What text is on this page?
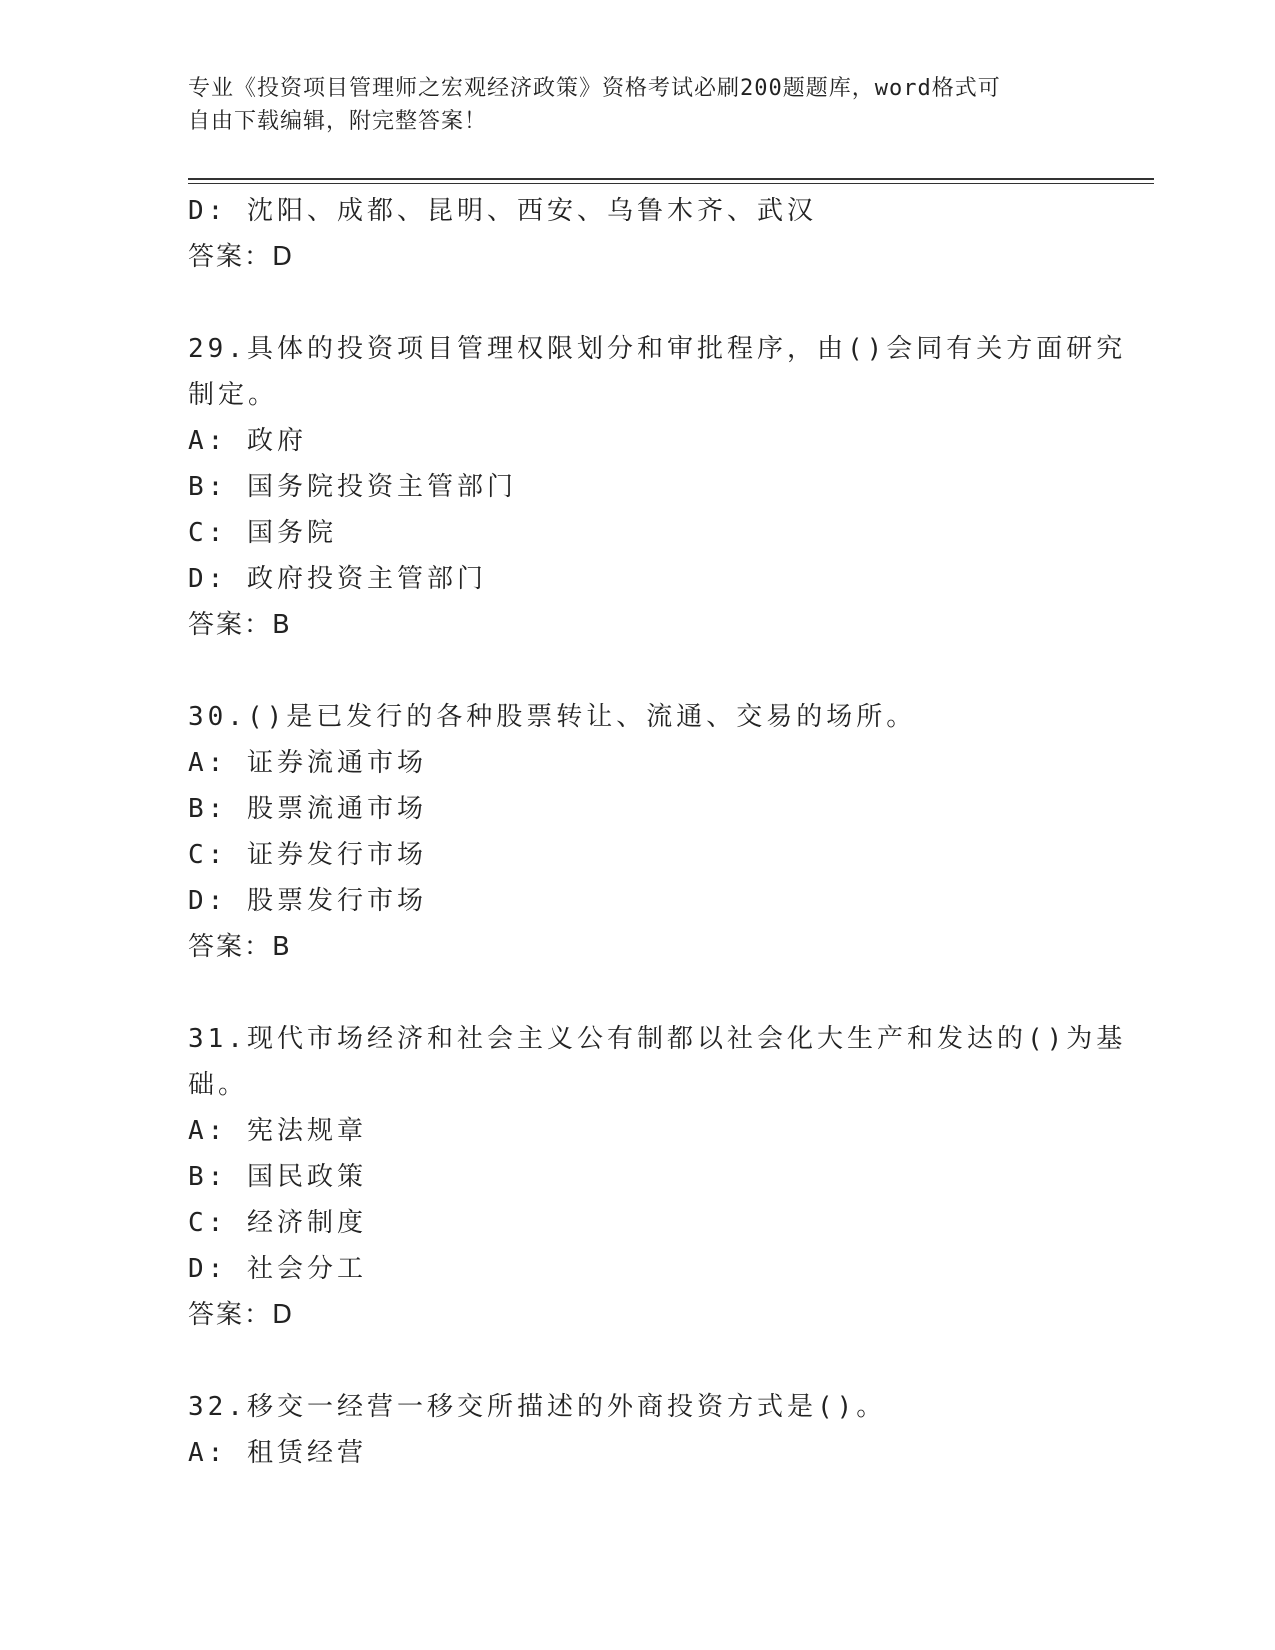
专业《投资项目管理师之宏观经济政策》资格考试必刷200题题库，word格式可
自由下载编辑，附完整答案！
D: 沈阳、成都、昆明、西安、乌鲁木齐、武汉
答案：D
29.具体的投资项目管理权限划分和审批程序，由()会同有关方面研究
制定。
A: 政府
B: 国务院投资主管部门
C: 国务院
D: 政府投资主管部门
答案：B
30.()是已发行的各种股票转让、流通、交易的场所。
A: 证券流通市场
B: 股票流通市场
C: 证券发行市场
D: 股票发行市场
答案：B
31.现代市场经济和社会主义公有制都以社会化大生产和发达的()为基
础。
A: 宪法规章
B: 国民政策
C: 经济制度
D: 社会分工
答案：D
32.移交一经营一移交所描述的外商投资方式是()。
A: 租赁经营
